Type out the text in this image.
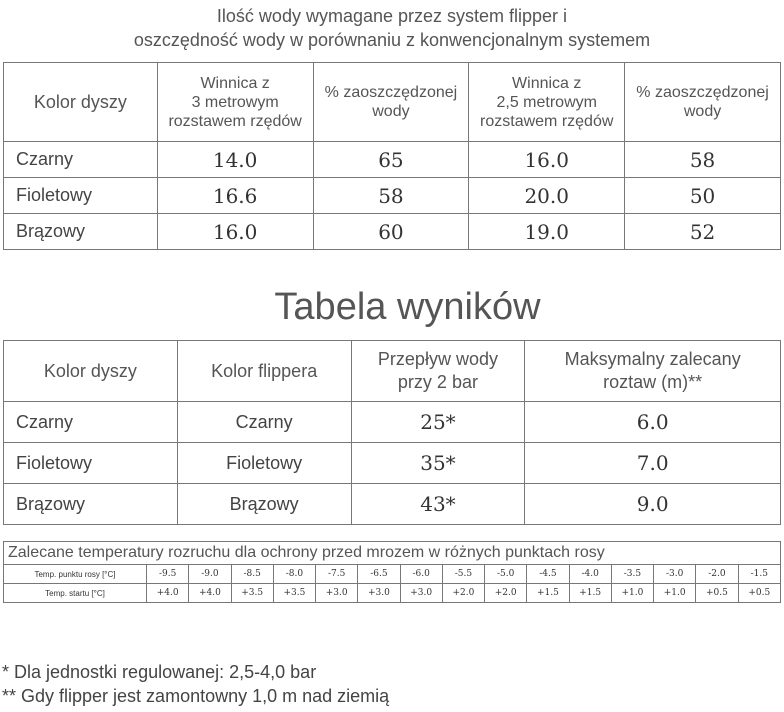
Ilość wody wymagane przez system flipper i
oszczędność wody w porównaniu z konwencjonalnym systemem
Kolor dyszy	Winnica z
3 metrowym
rozstawem rzędów	% zaoszczędzonej
wody	Winnica z
2,5 metrowym
rozstawem rzędów	% zaoszczędzonej
wody
Czarny	14.0	65	16.0	58
Fioletowy	16.6	58	20.0	50
Brązowy	16.0	60	19.0	52
Tabela wyników
Kolor dyszy	Kolor flippera	Przepływ wody
przy 2 bar	Maksymalny zalecany
roztaw (m)**
Czarny	Czarny	25*	6.0
Fioletowy	Fioletowy	35*	7.0
Brązowy	Brązowy	43*	9.0
Zalecane temperatury rozruchu dla ochrony przed mrozem w różnych punktach rosy															
Temp. punktu rosy [°C]	-9.5	-9.0	-8.5	-8.0	-7.5	-6.5	-6.0	-5.5	-5.0	-4.5	-4.0	-3.5	-3.0	-2.0	-1.5
Temp. startu [°C]	+4.0	+4.0	+3.5	+3.5	+3.0	+3.0	+3.0	+2.0	+2.0	+1.5	+1.5	+1.0	+1.0	+0.5	+0.5
* Dla jednostki regulowanej: 2,5-4,0 bar
** Gdy flipper jest zamontowny 1,0 m nad ziemią
